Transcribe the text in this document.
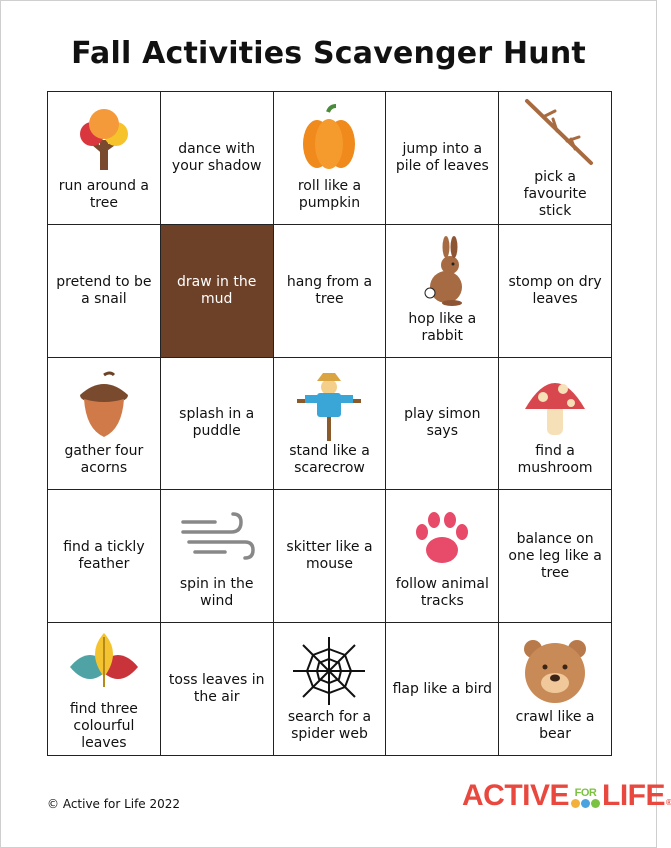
Fall Activities Scavenger Hunt
run around a tree
dance with your shadow
roll like a pumpkin
jump into a pile of leaves
pick a favourite stick
pretend to be a snail
draw in the mud
hang from a tree
hop like a rabbit
stomp on dry leaves
gather four acorns
splash in a puddle
stand like a scarecrow
play simon says
find a mushroom
find a tickly feather
spin in the wind
skitter like a mouse
follow animal tracks
balance on one leg like a tree
find three colourful leaves
toss leaves in the air
search for a spider web
flap like a bird
crawl like a bear
© Active for Life 2022	ACTIVE FOR LIFE ®
